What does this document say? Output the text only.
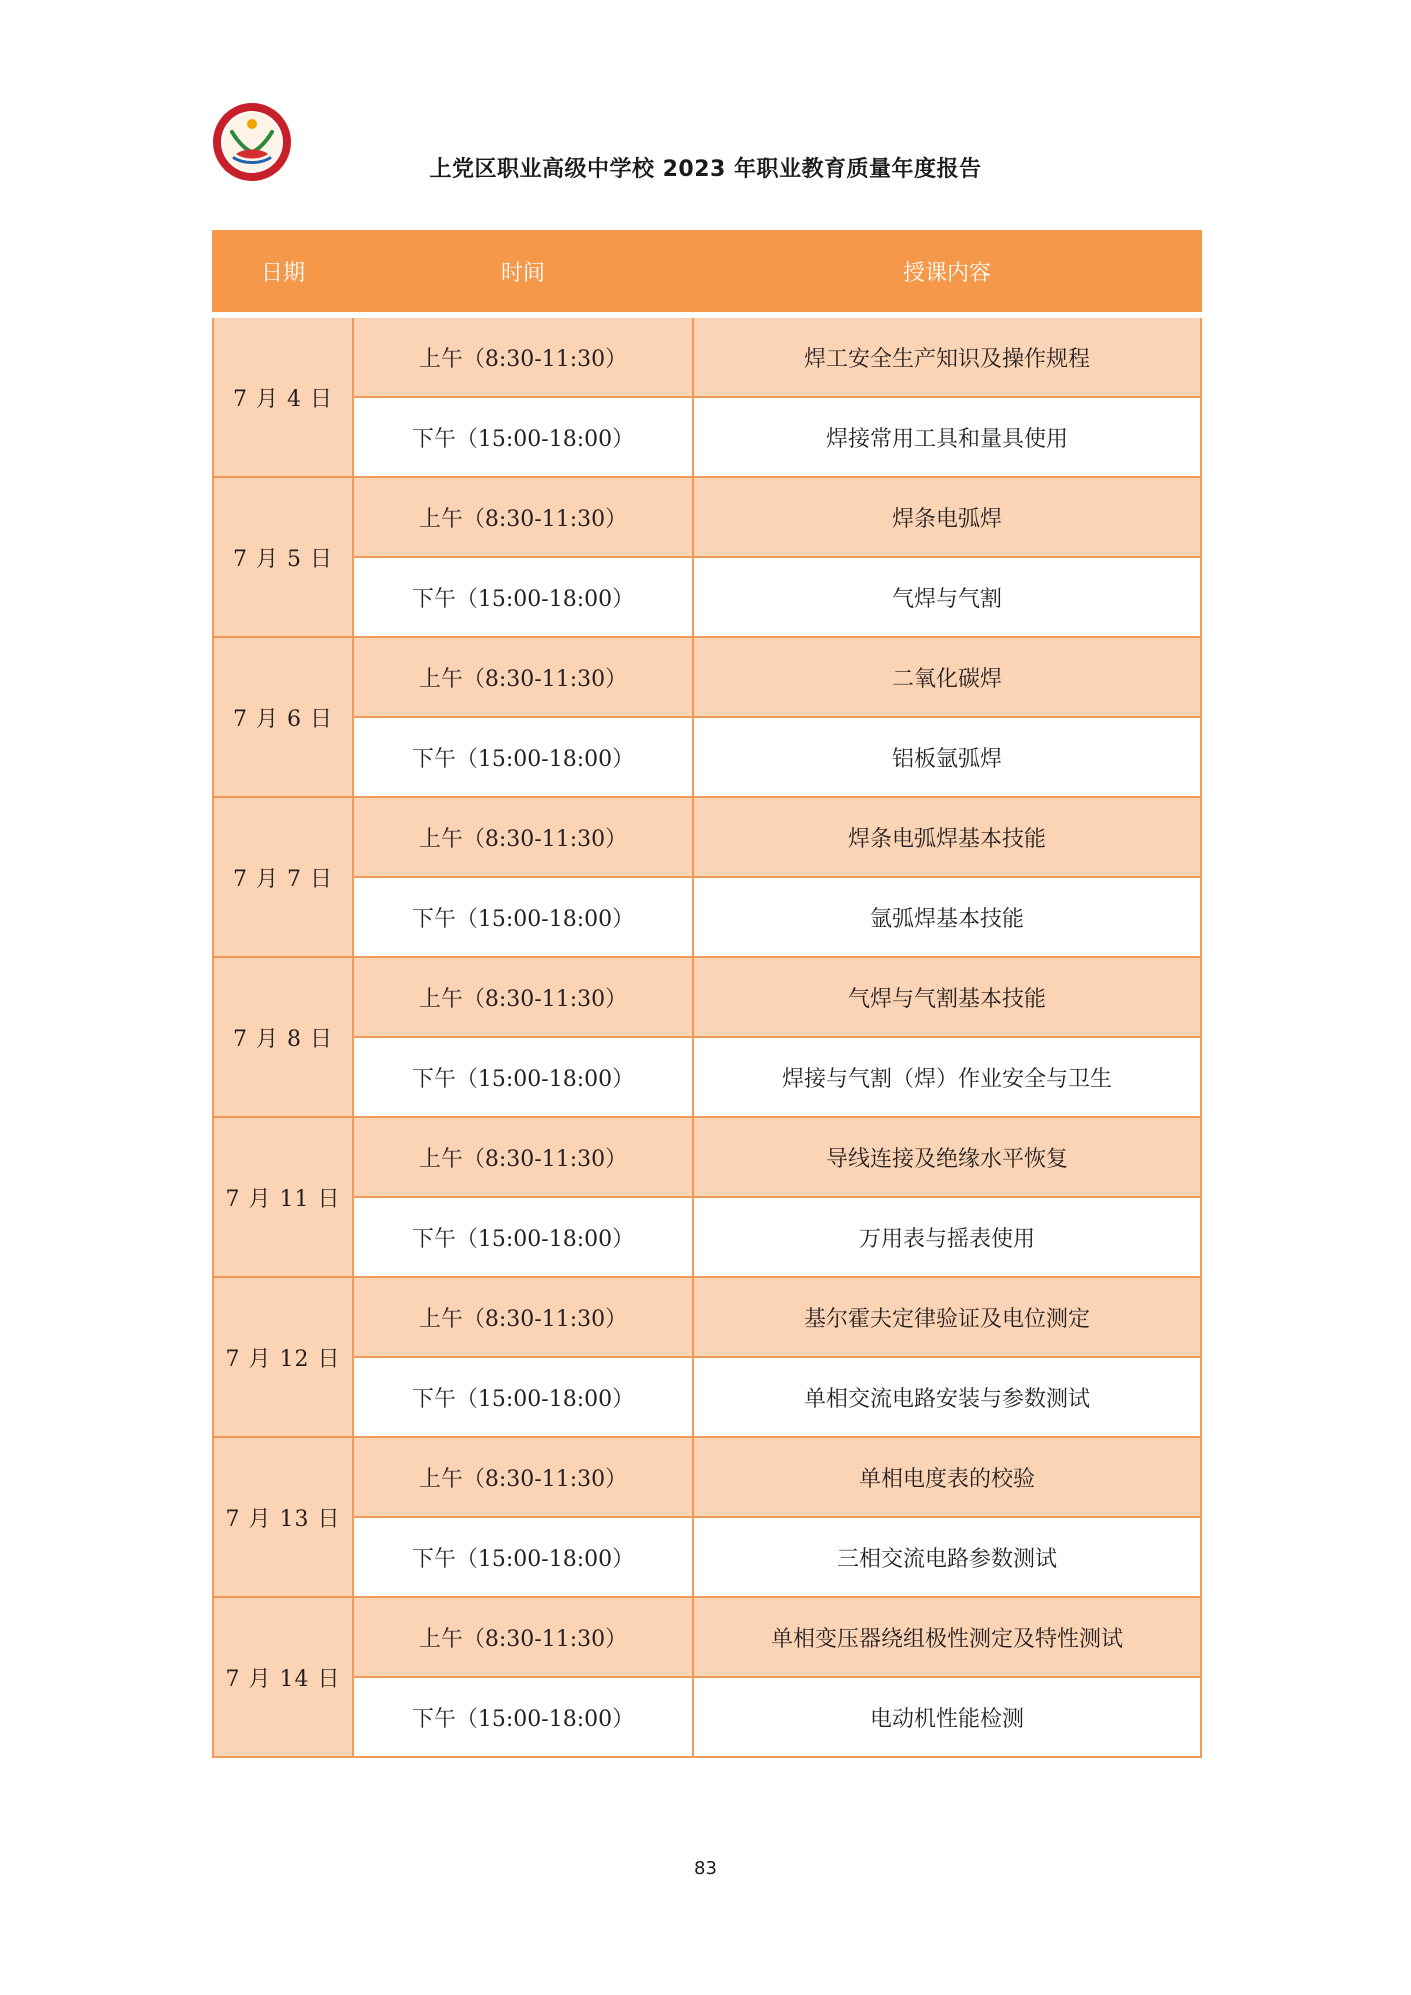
上党区职业高级中学校 2023 年职业教育质量年度报告
日期	时间	授课内容
7 月 4 日	上午（8:30-11:30）	焊工安全生产知识及操作规程
	下午（15:00-18:00）	焊接常用工具和量具使用
7 月 5 日	上午（8:30-11:30）	焊条电弧焊
	下午（15:00-18:00）	气焊与气割
7 月 6 日	上午（8:30-11:30）	二氧化碳焊
	下午（15:00-18:00）	铝板氩弧焊
7 月 7 日	上午（8:30-11:30）	焊条电弧焊基本技能
	下午（15:00-18:00）	氩弧焊基本技能
7 月 8 日	上午（8:30-11:30）	气焊与气割基本技能
	下午（15:00-18:00）	焊接与气割（焊）作业安全与卫生
7 月 11 日	上午（8:30-11:30）	导线连接及绝缘水平恢复
	下午（15:00-18:00）	万用表与摇表使用
7 月 12 日	上午（8:30-11:30）	基尔霍夫定律验证及电位测定
	下午（15:00-18:00）	单相交流电路安装与参数测试
7 月 13 日	上午（8:30-11:30）	单相电度表的校验
	下午（15:00-18:00）	三相交流电路参数测试
7 月 14 日	上午（8:30-11:30）	单相变压器绕组极性测定及特性测试
	下午（15:00-18:00）	电动机性能检测
83
